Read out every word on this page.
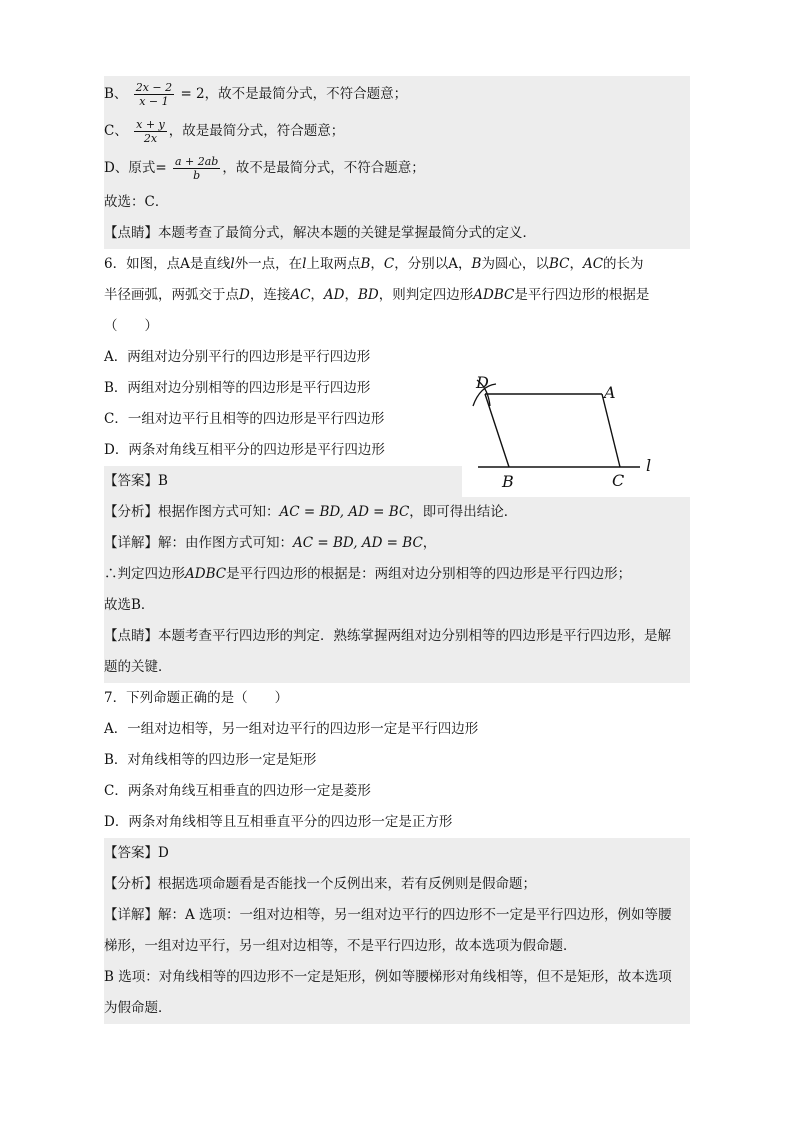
B、 $\frac{2x - 2}{x - 1} = 2$，故不是最简分式，不符合题意；
C、 $\frac{x + y}{2x}$ ，故是最简分式，符合题意；
D、原式= $\frac{a + 2ab}{b}$ ，故不是最简分式，不符合题意；
故选：C．
【点睛】本题考查了最简分式，解决本题的关键是掌握最简分式的定义．
6．如图，点A是直线l外一点，在l上取两点B，C，分别以A，B为圆心，以BC，AC的长为
半径画弧，两弧交于点D，连接AC，AD，BD，则判定四边形ADBC是平行四边形的根据是
（　　）
A．两组对边分别平行的四边形是平行四边形
B．两组对边分别相等的四边形是平行四边形
C．一组对边平行且相等的四边形是平行四边形
D．两条对角线互相平分的四边形是平行四边形
【答案】B
【分析】根据作图方式可知：AC = BD, AD = BC，即可得出结论．
【详解】解：由作图方式可知：AC = BD, AD = BC，
∴判定四边形ADBC是平行四边形的根据是：两组对边分别相等的四边形是平行四边形；
故选B．
【点睛】本题考查平行四边形的判定．熟练掌握两组对边分别相等的四边形是平行四边形，是解
题的关键．
7．下列命题正确的是（　　）
A．一组对边相等，另一组对边平行的四边形一定是平行四边形
B．对角线相等的四边形一定是矩形
C．两条对角线互相垂直的四边形一定是菱形
D．两条对角线相等且互相垂直平分的四边形一定是正方形
【答案】D
【分析】根据选项命题看是否能找一个反例出来，若有反例则是假命题；
【详解】解：A 选项：一组对边相等，另一组对边平行的四边形不一定是平行四边形，例如等腰
梯形，一组对边平行，另一组对边相等，不是平行四边形，故本选项为假命题．
B 选项：对角线相等的四边形不一定是矩形，例如等腰梯形对角线相等，但不是矩形，故本选项
为假命题．
D
A
B	C
l
